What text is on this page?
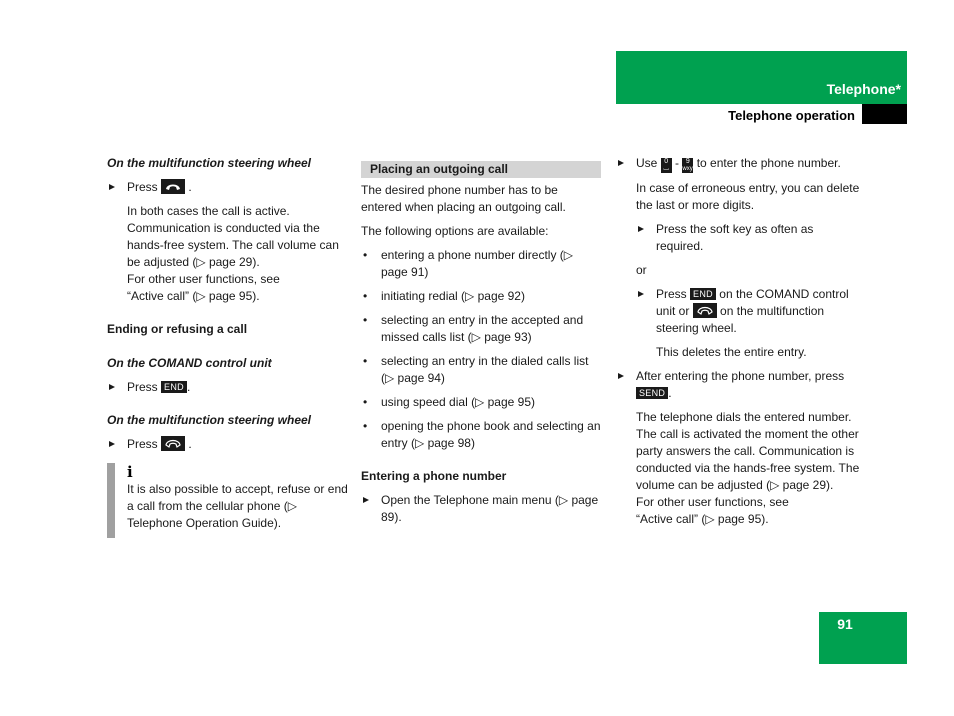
Telephone*
Telephone operation

On the multifunction steering wheel

Press
.

In both cases the call is active. Communication is conducted via the hands-free system. The call volume can be adjusted (▷ page 29).

For other user functions, see

“Active call” (▷ page 95).

Ending or refusing a call

On the COMAND control unit

Press END .

On the multifunction steering wheel

Press
.

i

It is also possible to accept, refuse or end a call from the cellular phone (▷ Telephone Operation Guide).

Placing an outgoing call

The desired phone number has to be entered when placing an outgoing call.

The following options are available:

• entering a phone number directly (▷ page 91)

• initiating redial (▷ page 92)

• selecting an entry in the accepted and missed calls list (▷ page 93)

• selecting an entry in the dialed calls list (▷ page 94)

• using speed dial (▷ page 95)

• opening the phone book and selecting an entry (▷ page 98)

Entering a phone number

Open the Telephone main menu (▷ page 89).

Use 0
⌴ - 9
wxyz to enter the phone number.

In case of erroneous entry, you can delete the last or more digits.

Press the soft key as often as required.

or

Press END on the COMAND control unit or	on the multifunction steering wheel.

This deletes the entire entry.

After entering the phone number, press SEND .

The telephone dials the entered number. The call is activated the moment the other party answers the call. Communication is conducted via the hands-free system. The volume can be adjusted (▷ page 29).

For other user functions, see

“Active call” (▷ page 95).

91
